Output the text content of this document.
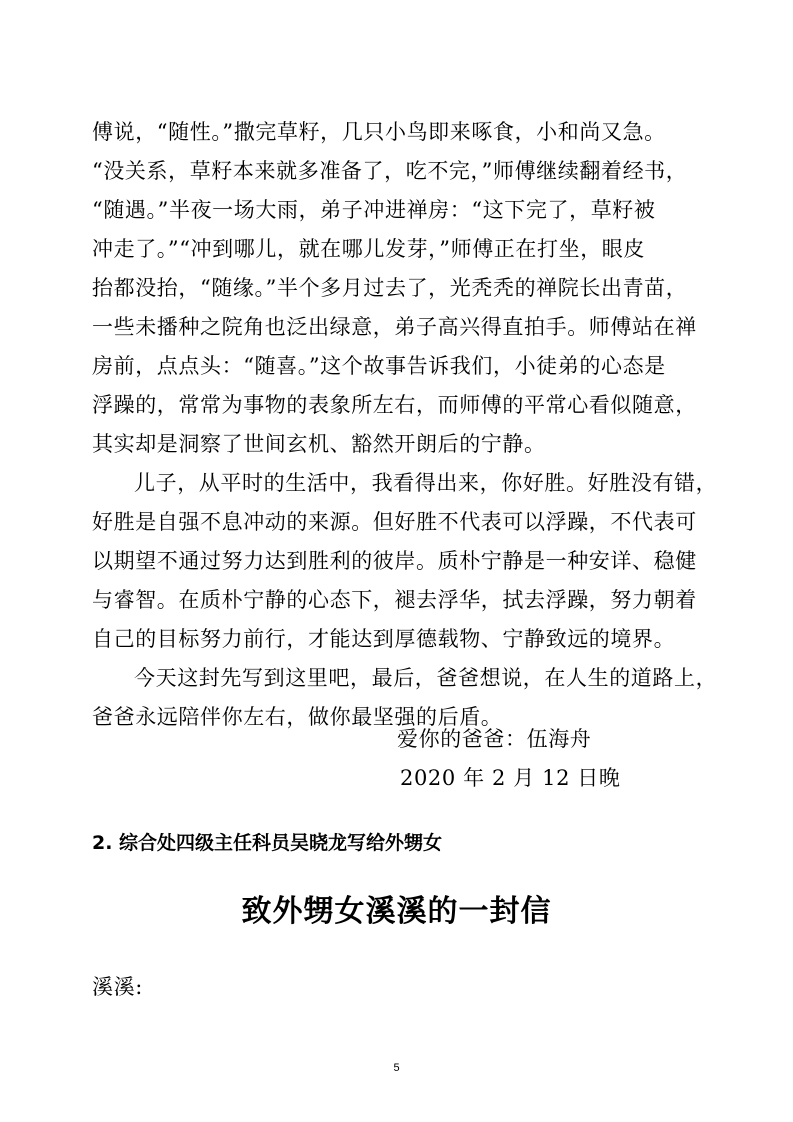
傅说，“随性。”撒完草籽，几只小鸟即来啄食，小和尚又急。
“没关系，草籽本来就多准备了，吃不完，”师傅继续翻着经书，
“随遇。”半夜一场大雨，弟子冲进禅房：“这下完了，草籽被
冲走了。”“冲到哪儿，就在哪儿发芽，”师傅正在打坐，眼皮
抬都没抬，“随缘。”半个多月过去了，光秃秃的禅院长出青苗，
一些未播种之院角也泛出绿意，弟子高兴得直拍手。师傅站在禅
房前，点点头：“随喜。”这个故事告诉我们，小徒弟的心态是
浮躁的，常常为事物的表象所左右，而师傅的平常心看似随意，
其实却是洞察了世间玄机、豁然开朗后的宁静。
儿子，从平时的生活中，我看得出来，你好胜。好胜没有错，
好胜是自强不息冲动的来源。但好胜不代表可以浮躁，不代表可
以期望不通过努力达到胜利的彼岸。质朴宁静是一种安详、稳健
与睿智。在质朴宁静的心态下，褪去浮华，拭去浮躁，努力朝着
自己的目标努力前行，才能达到厚德载物、宁静致远的境界。
今天这封先写到这里吧，最后，爸爸想说，在人生的道路上，
爸爸永远陪伴你左右，做你最坚强的后盾。
爱你的爸爸：伍海舟
2020 年 2 月 12 日晚
2. 综合处四级主任科员吴晓龙写给外甥女
致外甥女溪溪的一封信
溪溪:
5
